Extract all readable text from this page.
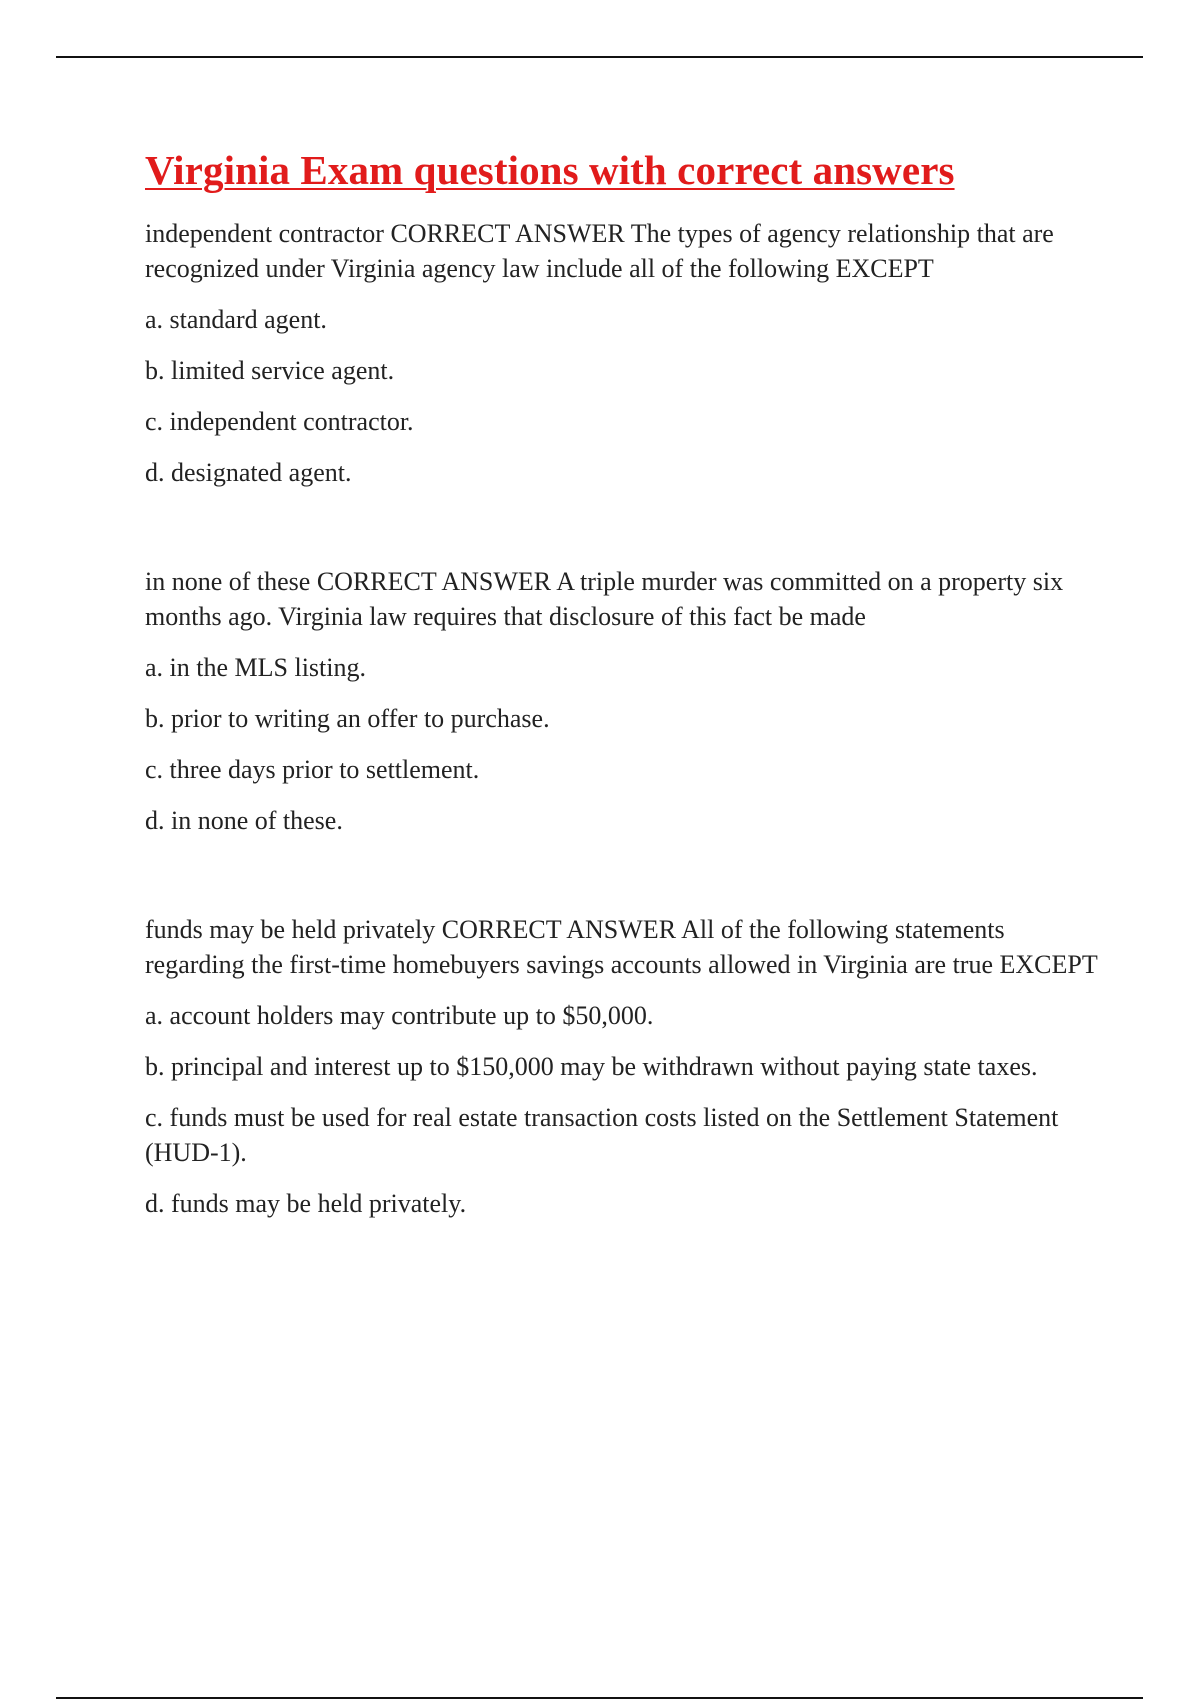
Virginia Exam questions with correct answers

independent contractor CORRECT ANSWER The types of agency relationship that are recognized under Virginia agency law include all of the following EXCEPT

a. standard agent.
b. limited service agent.
c. independent contractor.
d. designated agent.

in none of these CORRECT ANSWER A triple murder was committed on a property six months ago. Virginia law requires that disclosure of this fact be made

a. in the MLS listing.
b. prior to writing an offer to purchase.
c. three days prior to settlement.
d. in none of these.

funds may be held privately CORRECT ANSWER All of the following statements regarding the first-time homebuyers savings accounts allowed in Virginia are true EXCEPT

a. account holders may contribute up to $50,000.
b. principal and interest up to $150,000 may be withdrawn without paying state taxes.
c. funds must be used for real estate transaction costs listed on the Settlement Statement (HUD-1).
d. funds may be held privately.
